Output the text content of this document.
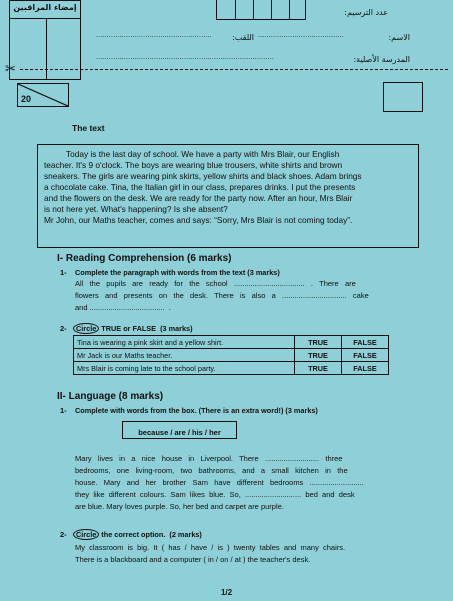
إمضاء المراقبين
عدد الترسيم:
الاسم:
........................................
اللقب:
......................................................
المدرسة الأصلية:
...................................................................................
✂
20
The text
Today is the last day of school. We have a party with Mrs Blair, our English
teacher. It's 9 o'clock. The boys are wearing blue trousers, white shirts and brown
sneakers. The girls are wearing pink skirts, yellow shirts and black shoes. Adam brings
a chocolate cake. Tina, the Italian girl in our class, prepares drinks. I put the presents
and the flowers on the desk. We are ready for the party now. After an hour, Mrs Blair
is not here yet. What's happening? Is she absent?
Mr John, our Maths teacher, comes and says: “Sorry, Mrs Blair is not coming today”.
I- Reading Comprehension (6 marks)
1- Complete the paragraph with words from the text (3 marks)
All   the   pupils   are   ready   for   the   school   ..................................   .   There   are
flowers   and   presents   on   the   desk.   There   is   also   a   ...............................   cake
and ....................................  .
2-	Circle TRUE or FALSE  (3 marks)
Tina is wearing a pink skirt and a yellow shirt.	TRUE	FALSE
Mr Jack is our Maths teacher.	TRUE	FALSE
Mrs Blair is coming late to the school party.	TRUE	FALSE
II- Language (8 marks)
1- Complete with words from the box. (There is an extra word!) (3 marks)
because / are / his / her
Mary   lives   in   a   nice   house   in   Liverpool.   There   ..........................   three
bedrooms,   one   living-room,   two   bathrooms,   and   a   small   kitchen   in   the
house.   Mary   and   her   brother   Sam   have   different   bedrooms   ..........................
they  like  different  colours.  Sam  likes  blue.  So,  ...........................  bed  and  desk
are blue. Mary loves purple. So, her bed and carpet are purple.
2-	Circle the correct option.  (2 marks)
My  classroom  is  big.  It  (  has  /  have  /  is  )  twenty  tables  and  many  chairs.
There is a blackboard and a computer ( in / on / at ) the teacher's desk.
1/2
